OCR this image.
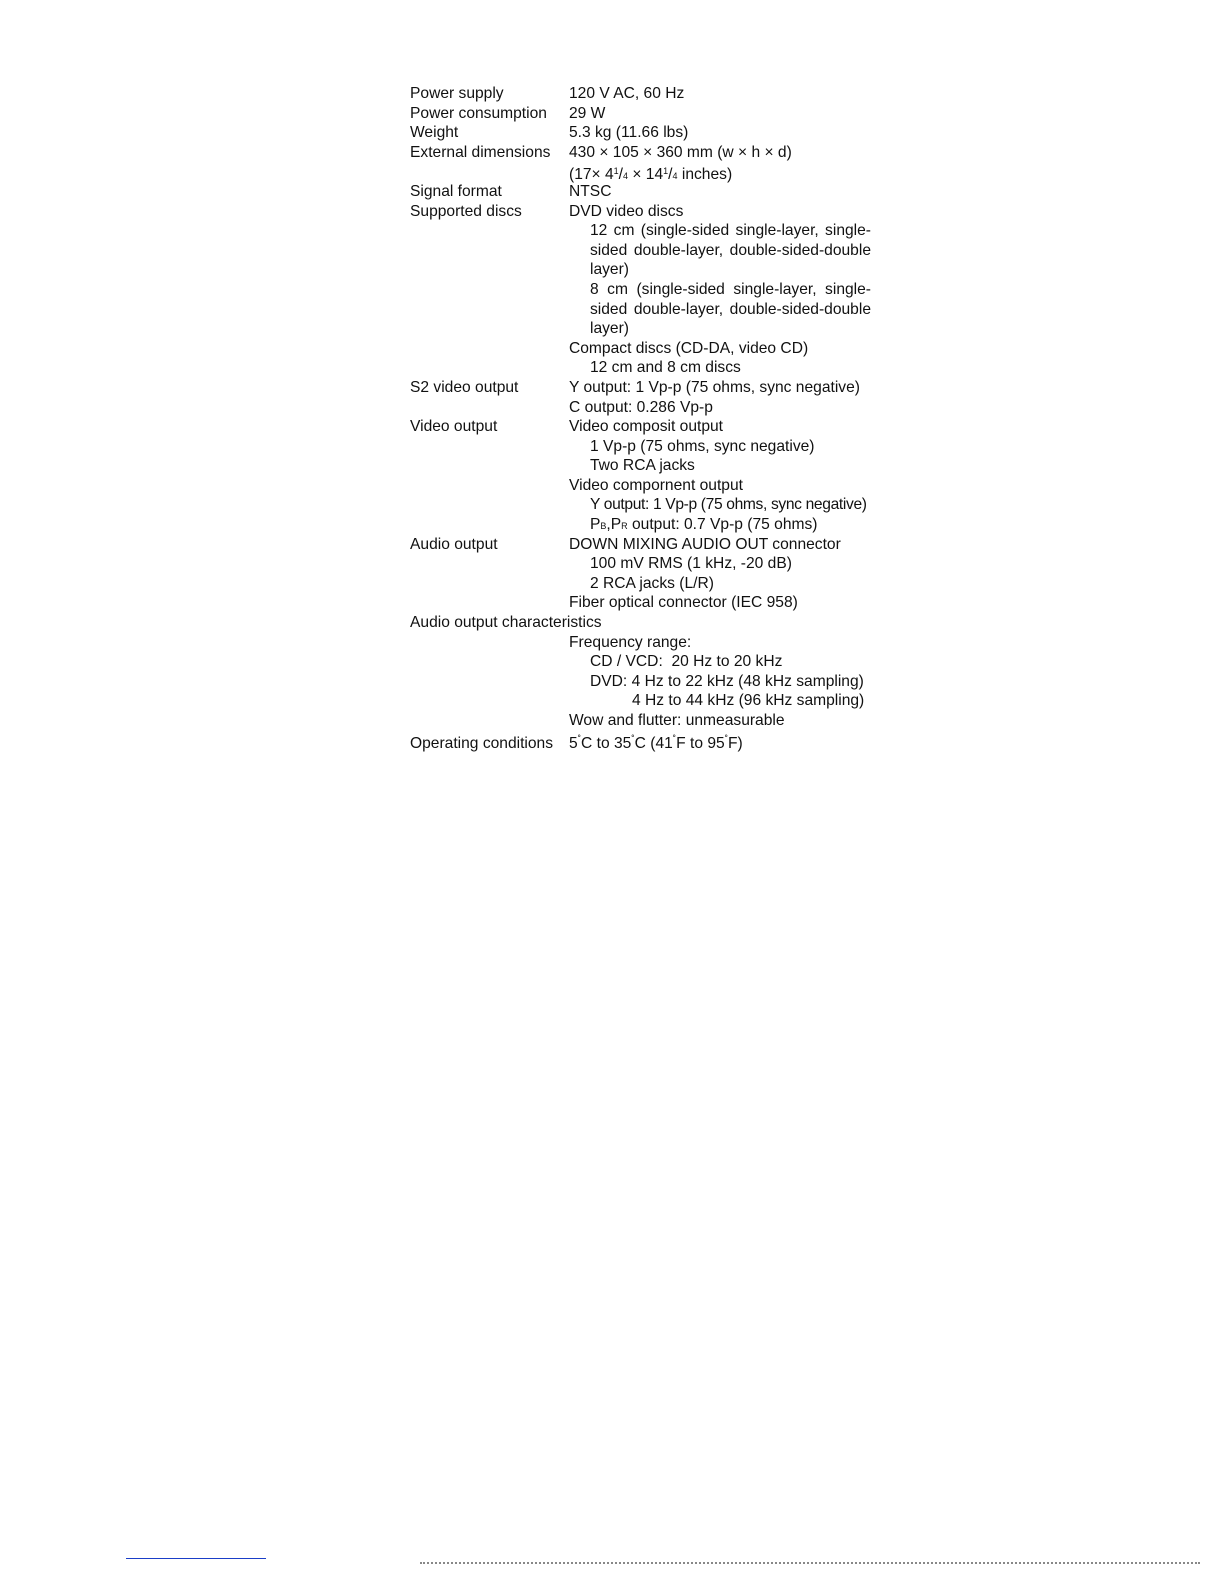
Power supply	120 V AC, 60 Hz
Power consumption 29 W
Weight	5.3 kg (11.66 lbs)
External dimensions 430 × 105 × 360 mm (w × h × d)
($17\times 4^1/4 \times 14^1/4$ inches)
Signal format	NTSC
Supported discs	DVD video discs
12 cm (single-sided single-layer, single-
sided double-layer, double-sided-double
layer)
8 cm (single-sided single-layer, single-
sided double-layer, double-sided-double
layer)
Compact discs (CD-DA, video CD)
12 cm and 8 cm discs
S2 video output	Y output: 1 Vp-p (75 ohms, sync negative)
C output: 0.286 Vp-p
Video output	Video composit output
1 Vp-p (75 ohms, sync negative)
Two RCA jacks
Video compornent output
Y output: 1 Vp-p (75 ohms, sync negative)
PB,PR output: 0.7 Vp-p (75 ohms)
Audio output	DOWN MIXING AUDIO OUT connector
100 mV RMS (1 kHz, -20 dB)
2 RCA jacks (L/R)
Fiber optical connector (IEC 958)
Audio output characteristics
Frequency range:
CD / VCD:  20 Hz to 20 kHz
DVD: 4 Hz to 22 kHz (48 kHz sampling)
4 Hz to 44 kHz (96 kHz sampling)
Wow and flutter: unmeasurable
Operating conditions 5˚C to 35˚C (41˚F to 95˚F)
